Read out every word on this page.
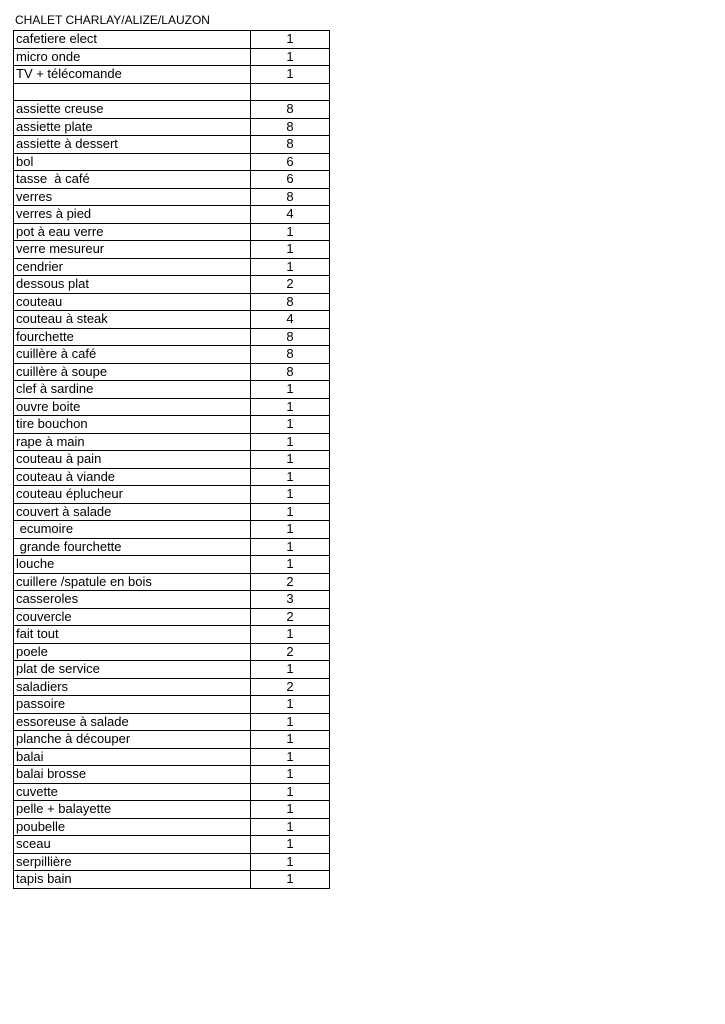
CHALET CHARLAY/ALIZE/LAUZON
cafetiere elect	1
micro onde	1
TV + télécomande	1

assiette creuse	8
assiette plate	8
assiette à dessert	8
bol	6
tasse  à café	6
verres	8
verres à pied	4
pot à eau verre	1
verre mesureur	1
cendrier	1
dessous plat	2
couteau	8
couteau à steak	4
fourchette	8
cuillère à café	8
cuillère à soupe	8
clef à sardine	1
ouvre boite	1
tire bouchon	1
rape à main	1
couteau à pain	1
couteau à viande	1
couteau éplucheur	1
couvert à salade	1
ecumoire	1
grande fourchette	1
louche	1
cuillere /spatule en bois	2
casseroles	3
couvercle	2
fait tout	1
poele	2
plat de service	1
saladiers	2
passoire	1
essoreuse à salade	1
planche à découper	1
balai	1
balai brosse	1
cuvette	1
pelle + balayette	1
poubelle	1
sceau	1
serpillière	1
tapis bain	1
